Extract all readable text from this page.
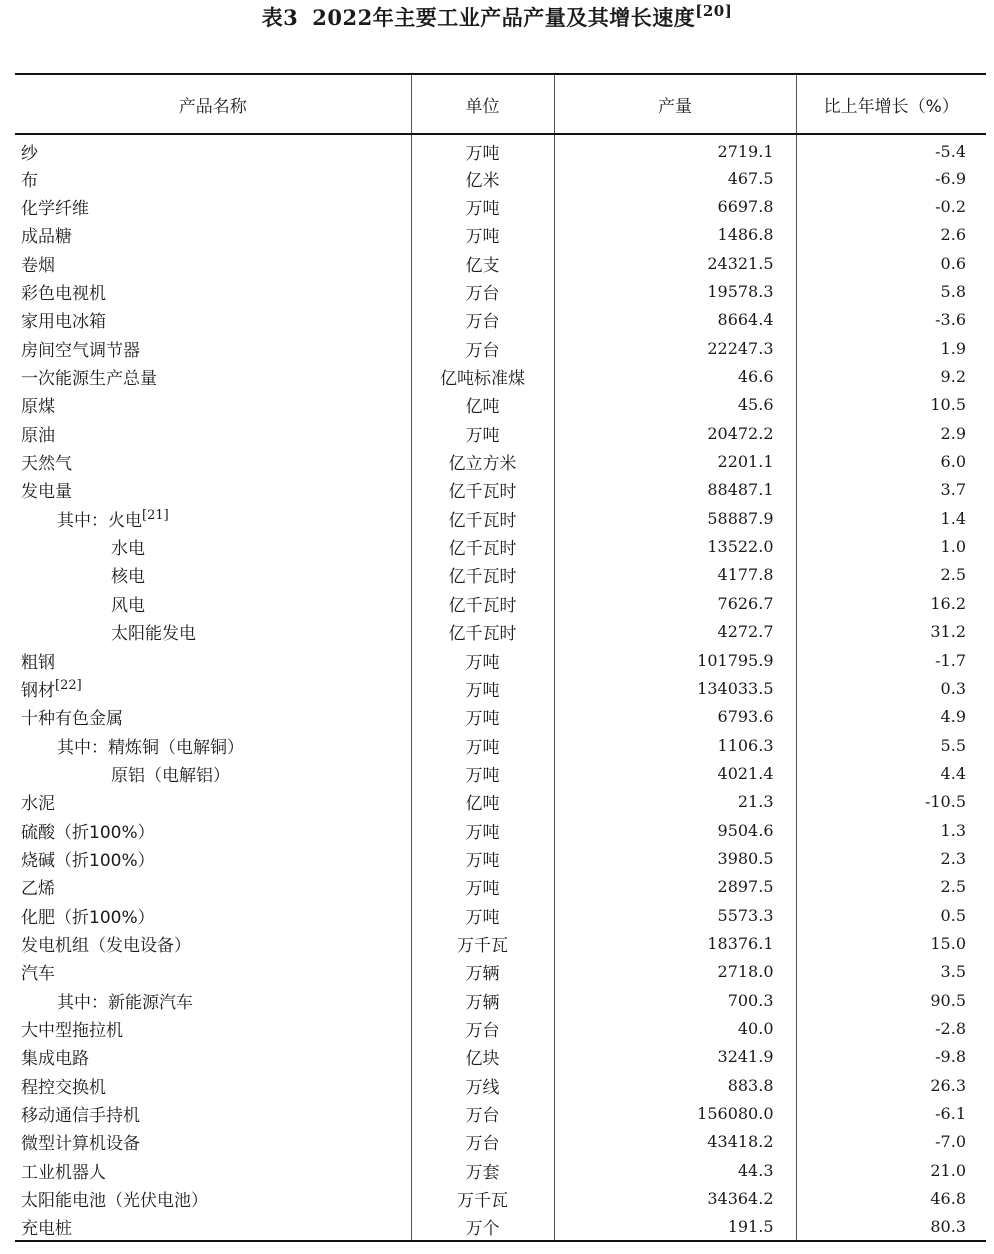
表3 2022年主要工业产品产量及其增长速度[20]
产品名称	单位	产量	比上年增长（%）
纱	万吨	2719.1	-5.4
布	亿米	467.5	-6.9
化学纤维	万吨	6697.8	-0.2
成品糖	万吨	1486.8	2.6
卷烟	亿支	24321.5	0.6
彩色电视机	万台	19578.3	5.8
家用电冰箱	万台	8664.4	-3.6
房间空气调节器	万台	22247.3	1.9
一次能源生产总量	亿吨标准煤	46.6	9.2
原煤	亿吨	45.6	10.5
原油	万吨	20472.2	2.9
天然气	亿立方米	2201.1	6.0
发电量	亿千瓦时	88487.1	3.7
其中：火电[21]	亿千瓦时	58887.9	1.4
水电	亿千瓦时	13522.0	1.0
核电	亿千瓦时	4177.8	2.5
风电	亿千瓦时	7626.7	16.2
太阳能发电	亿千瓦时	4272.7	31.2
粗钢	万吨	101795.9	-1.7
钢材[22]	万吨	134033.5	0.3
十种有色金属	万吨	6793.6	4.9
其中：精炼铜（电解铜）	万吨	1106.3	5.5
原铝（电解铝）	万吨	4021.4	4.4
水泥	亿吨	21.3	-10.5
硫酸（折100%）	万吨	9504.6	1.3
烧碱（折100%）	万吨	3980.5	2.3
乙烯	万吨	2897.5	2.5
化肥（折100%）	万吨	5573.3	0.5
发电机组（发电设备）	万千瓦	18376.1	15.0
汽车	万辆	2718.0	3.5
其中：新能源汽车	万辆	700.3	90.5
大中型拖拉机	万台	40.0	-2.8
集成电路	亿块	3241.9	-9.8
程控交换机	万线	883.8	26.3
移动通信手持机	万台	156080.0	-6.1
微型计算机设备	万台	43418.2	-7.0
工业机器人	万套	44.3	21.0
太阳能电池（光伏电池）	万千瓦	34364.2	46.8
充电桩	万个	191.5	80.3
